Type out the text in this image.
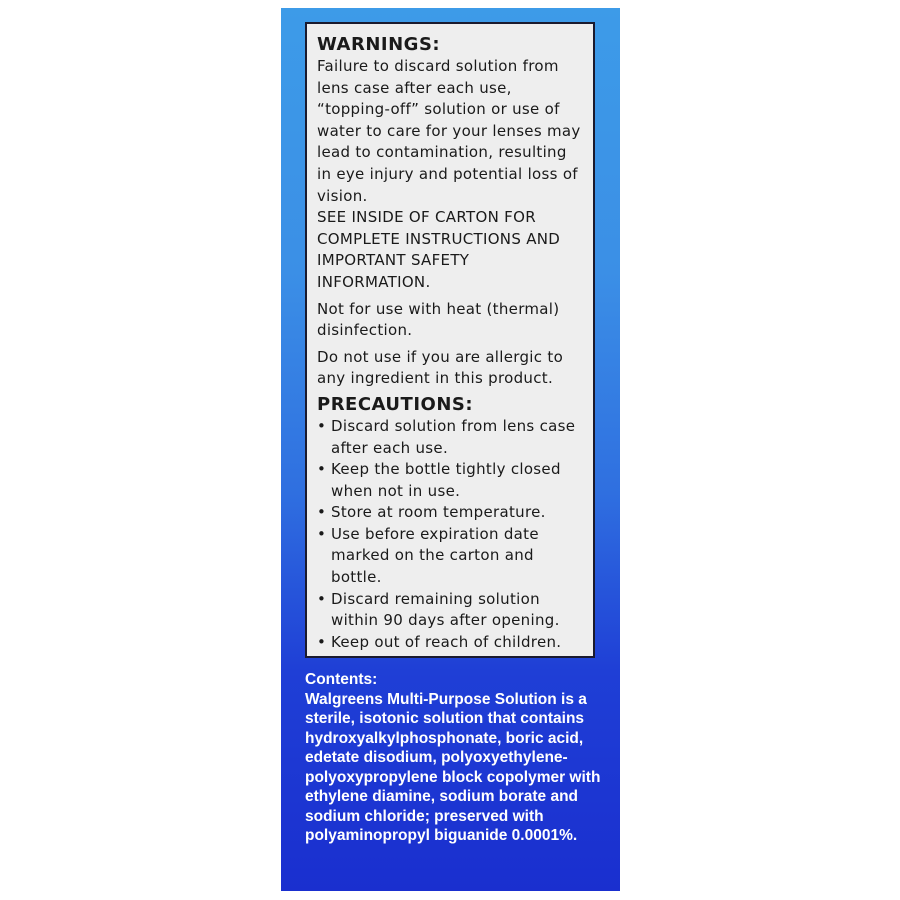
WARNINGS:
Failure to discard solution from lens case after each use, “topping-off” solution or use of water to care for your lenses may lead to contamination, resulting in eye injury and potential loss of vision.
SEE INSIDE OF CARTON FOR COMPLETE INSTRUCTIONS AND IMPORTANT SAFETY INFORMATION.
Not for use with heat (thermal) disinfection.
Do not use if you are allergic to any ingredient in this product.
PRECAUTIONS:
• Discard solution from lens case after each use.
• Keep the bottle tightly closed when not in use.
• Store at room temperature.
• Use before expiration date marked on the carton and bottle.
• Discard remaining solution within 90 days after opening.
• Keep out of reach of children.
Contents:
Walgreens Multi-Purpose Solution is a sterile, isotonic solution that contains hydroxyalkylphosphonate, boric acid, edetate disodium, polyoxyethylene-polyoxypropylene block copolymer with ethylene diamine, sodium borate and sodium chloride; preserved with polyaminopropyl biguanide 0.0001%.
